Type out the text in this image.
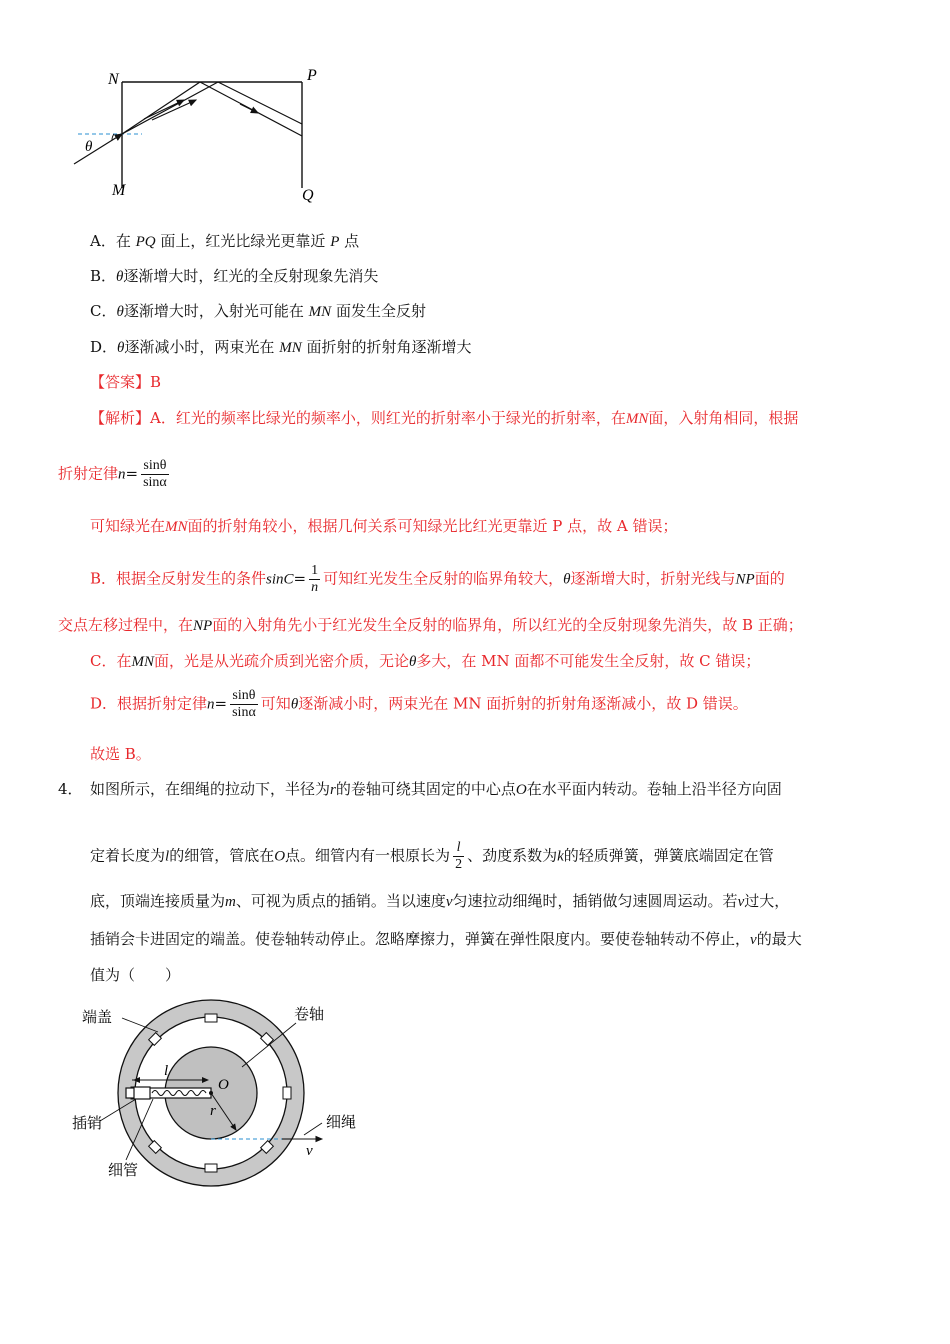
N	P
M	Q
θ
A．在 PQ 面上，红光比绿光更靠近 P 点
B．θ逐渐增大时，红光的全反射现象先消失
C．θ逐渐增大时，入射光可能在 MN 面发生全反射
D．θ逐渐减小时，两束光在 MN 面折射的折射角逐渐增大
【答案】B
【解析】A．红光的频率比绿光的频率小，则红光的折射率小于绿光的折射率，在MN面，入射角相同，根据
折射定律$n= \frac{\sin\theta}{\sin\alpha}$
可知绿光在MN面的折射角较小，根据几何关系可知绿光比红光更靠近 P 点，故 A 错误；
B．根据全反射发生的条件$\sin C= \frac{1}{n}$ 可知红光发生全反射的临界角较大，θ逐渐增大时，折射光线与NP面的
交点左移过程中，在NP面的入射角先小于红光发生全反射的临界角，所以红光的全反射现象先消失，故 B 正确；
C．在MN面，光是从光疏介质到光密介质，无论θ多大，在 MN 面都不可能发生全反射，故 C 错误；
D．根据折射定律$n= \frac{\sin\theta}{\sin\alpha}$ 可知θ逐渐减小时，两束光在 MN 面折射的折射角逐渐减小，故 D 错误。
故选 B。
4． 如图所示，在细绳的拉动下，半径为r的卷轴可绕其固定的中心点O在水平面内转动。卷轴上沿半径方向固
定着长度为l的细管，管底在O点。细管内有一根原长为 $\frac{l}{2}$ 、劲度系数为k的轻质弹簧，弹簧底端固定在管
底，顶端连接质量为m、可视为质点的插销。当以速度v匀速拉动细绳时，插销做匀速圆周运动。若v过大，
插销会卡进固定的端盖。使卷轴转动停止。忽略摩擦力，弹簧在弹性限度内。要使卷轴转动不停止，v的最大
值为（　　）
端盖	卷轴
插销
细管
细绳
l
O
r
v
